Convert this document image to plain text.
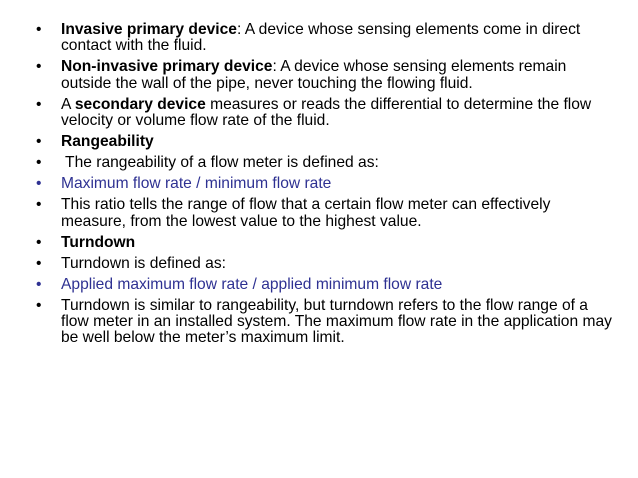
• Invasive primary device: A device whose sensing elements come in direct contact with the fluid.
• Non-invasive primary device: A device whose sensing elements remain outside the wall of the pipe, never touching the flowing fluid.
• A secondary device measures or reads the differential to determine the flow velocity or volume flow rate of the fluid.
• Rangeability
• The rangeability of a flow meter is defined as:
• Maximum flow rate / minimum flow rate
• This ratio tells the range of flow that a certain flow meter can effectively measure, from the lowest value to the highest value.
• Turndown
• Turndown is defined as:
• Applied maximum flow rate / applied minimum flow rate
• Turndown is similar to rangeability, but turndown refers to the flow range of a flow meter in an installed system. The maximum flow rate in the application may be well below the meter’s maximum limit.
